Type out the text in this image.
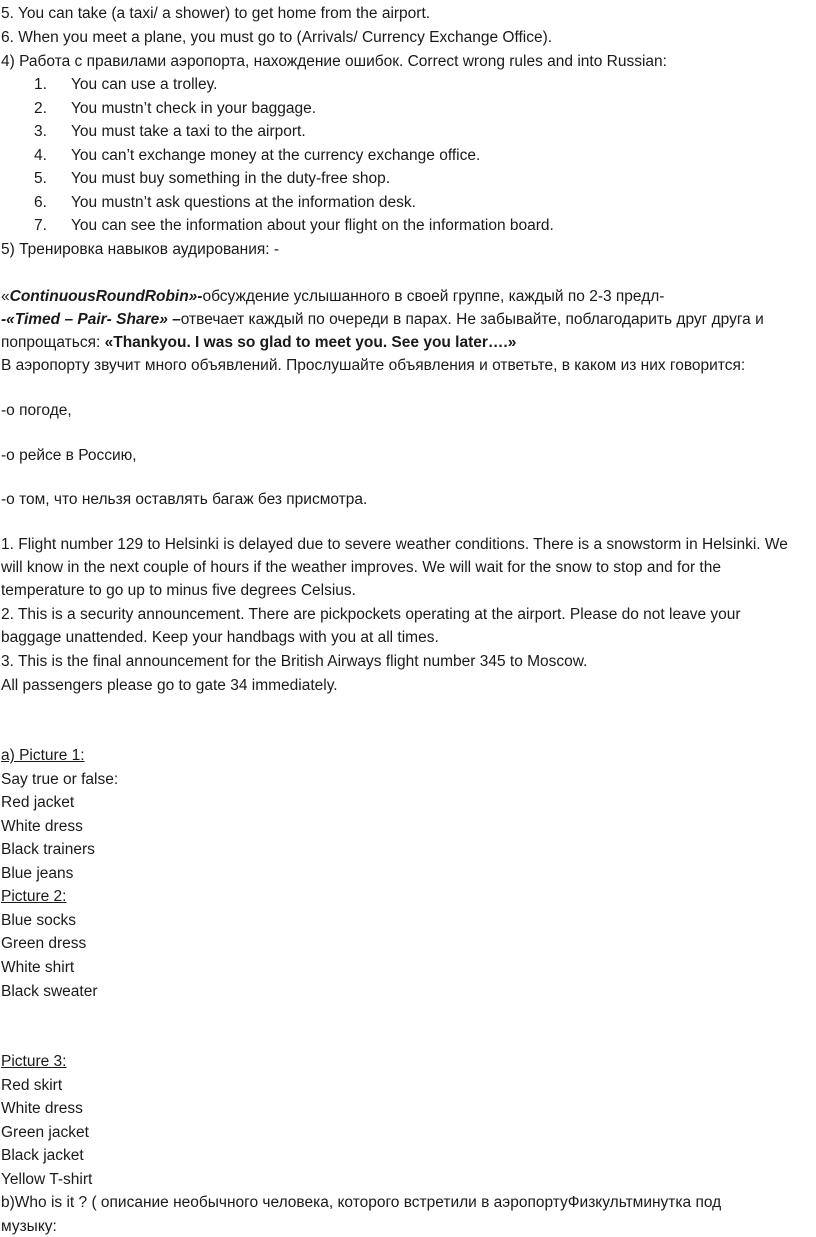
5. You can take (a taxi/ a shower) to get home from the airport.
6. When you meet a plane, you must go to (Arrivals/ Currency Exchange Office).
4) Работа с правилами аэропорта, нахождение ошибок. Correct wrong rules and into Russian:
1. You can use a trolley.
2. You mustn’t check in your baggage.
3. You must take a taxi to the airport.
4. You can’t exchange money at the currency exchange office.
5. You must buy something in the duty-free shop.
6. You mustn’t ask questions at the information desk.
7. You can see the information about your flight on the information board.
5) Тренировка навыков аудирования: -
«ContinuousRoundRobin»-обсуждение услышанного в своей группе, каждый по 2-3 предл-
-«Timed – Pair- Share» –отвечает каждый по очереди в парах. Не забывайте, поблагодарить друг друга и
попрощаться: «Thankyou. I was so glad to meet you. See you later….»
В аэропорту звучит много объявлений. Прослушайте объявления и ответьте, в каком из них говорится:
-о погоде,
-о рейсе в Россию,
-о том, что нельзя оставлять багаж без присмотра.
1. Flight number 129 to Helsinki is delayed due to severe weather conditions. There is a snowstorm in Helsinki. We
will know in the next couple of hours if the weather improves. We will wait for the snow to stop and for the
temperature to go up to minus five degrees Celsius.
2. This is a security announcement. There are pickpockets operating at the airport. Please do not leave your
baggage unattended. Keep your handbags with you at all times.
3. This is the final announcement for the British Airways flight number 345 to Moscow.
All passengers please go to gate 34 immediately.
a) Picture 1:
Say true or false:
Red jacket
White dress
Black trainers
Blue jeans
Picture 2:
Blue socks
Green dress
White shirt
Black sweater
Picture 3:
Red skirt
White dress
Green jacket
Black jacket
Yellow T-shirt
b)Who is it ? ( описание необычного человека, которого встретили в аэропортуФизкультминутка под
музыку:
